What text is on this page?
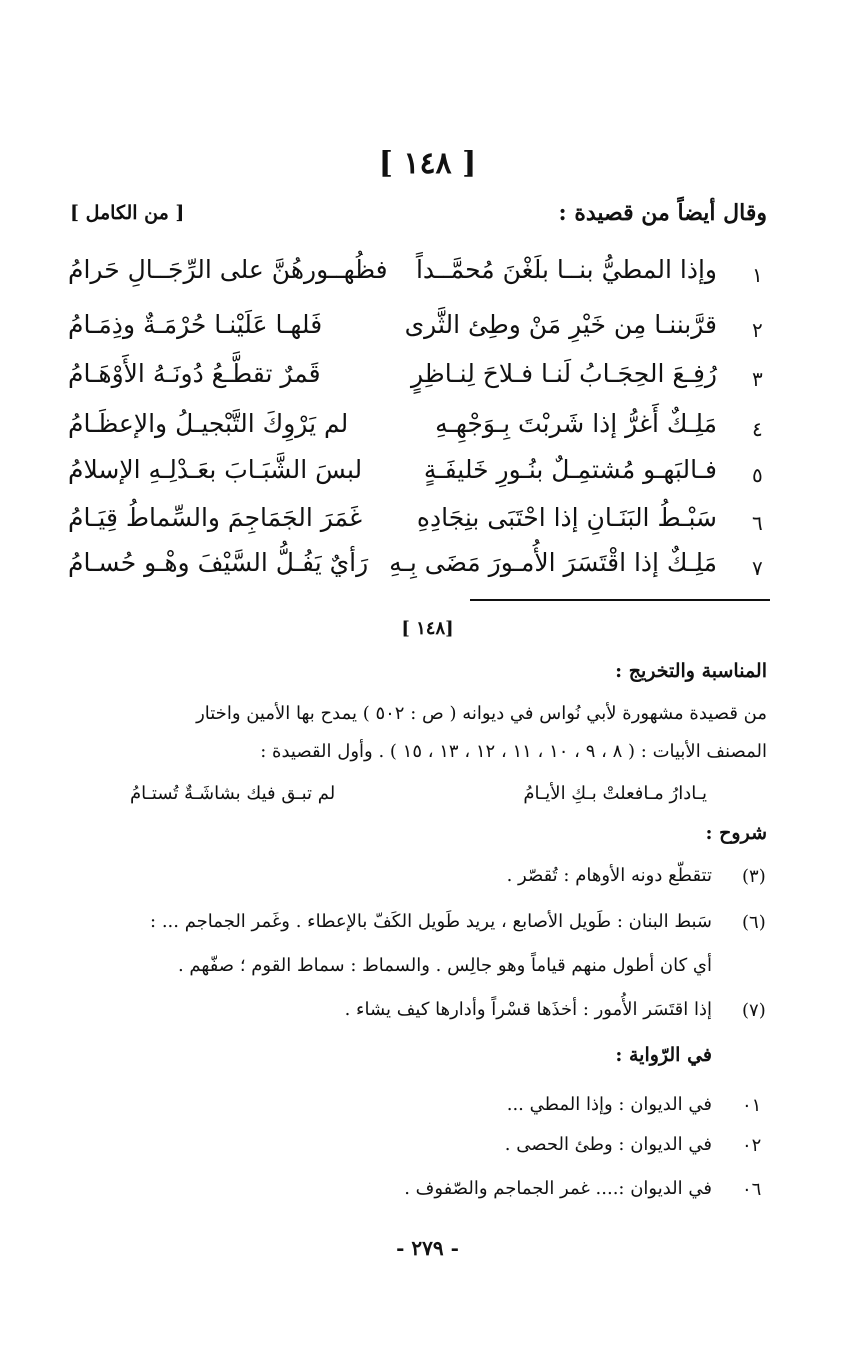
[ ١٤٨ ]
وقال أيضاً من قصيدة :
[ من الكامل ]
١
وإذا المطيُّ بنــا بلَغْنَ مُحمَّــداً
فظُهــورهُنَّ على الرِّجَــالِ حَرامُ
٢
قرَّبننـا مِن خَيْرِ مَنْ وطِئ الثَّرى
فَلهـا عَلَيْنـا حُرْمَـةٌ وذِمَـامُ
٣
رُفِـعَ الحِجَـابُ لَنـا فـلاحَ لِنـاظِرٍ
قَمرٌ تقطَّـعُ دُونَـهُ الأَوْهَـامُ
٤
مَلِـكٌ أَغرُّ إذا شَربْتَ بِـوَجْهِـهِ
لم يَرْوِكَ التَّبْجيـلُ والإعظَـامُ
٥
فـالبَهـو مُشتمِـلٌ بنُـورِ خَليفَـةٍ
لبسَ الشَّبَـابَ بعَـدْلِـهِ الإسلامُ
٦
سَبْـطُ البَنَـانِ إذا احْتَبَى بنِجَادِهِ
غَمَرَ الجَمَاجِمَ والسِّماطُ قِيَـامُ
٧
مَلِـكٌ إذا اقْتَسَرَ الأُمـورَ مَضَى بِـهِ
رَأيٌ يَفُـلُّ السَّيْفَ وهْـو حُسـامُ
[ ١٤٨]
المناسبة والتخريج :
من قصيدة مشهورة لأبي نُواس في ديوانه ( ص : ٥٠٢ ) يمدح بها الأمين واختار
المصنف الأبيات : ( ٨ ، ٩ ، ١٠ ، ١١ ، ١٢ ، ١٣ ، ١٥ ) . وأول القصيدة :
يـادارُ مـافعلتْ بـكِ الأيـامُ
لم تبـق فيك بشاشَـةٌ تُستـامُ
شروح :
(٣)
تتقطّع دونه الأوهام : تُقصّر .
(٦)
سَبط البنان : طَويل الأصابع ، يريد طَويل الكَفّ بالإعطاء . وغَمر الجماجم ... :
أي كان أطول منهم قياماً وهو جالِس . والسماط : سماط القوم ؛ صفّهم .
(٧)
إذا اقتَسَر الأُمور : أخذَها قسْراً وأدارها كيف يشاء .
في الرّواية :
٠١
في الديوان : وإذا المطي ...
٠٢
في الديوان : وطئ الحصى .
٠٦
في الديوان :.... غمر الجماجم والصّفوف .
- ٢٧٩ -
